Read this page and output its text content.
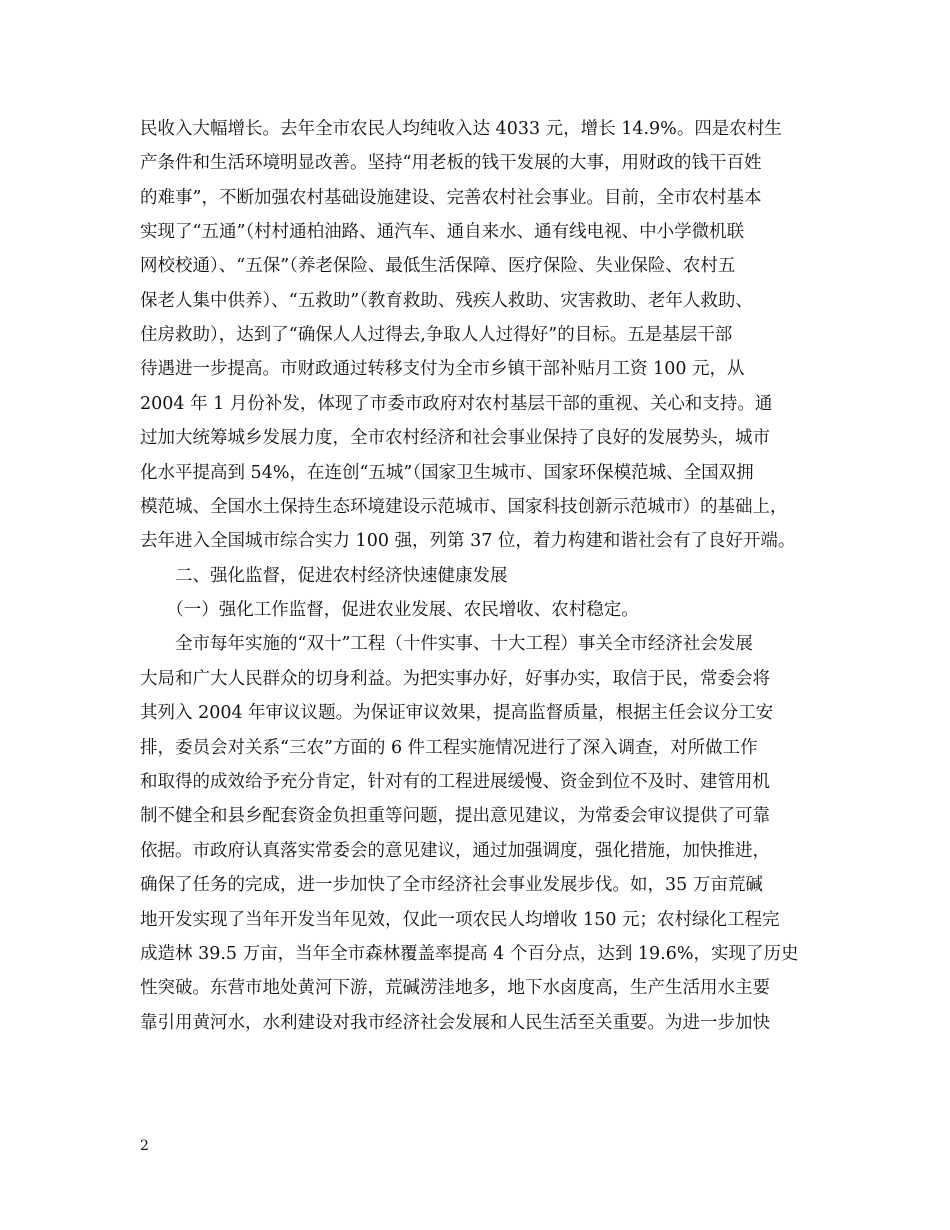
民收入大幅增长。去年全市农民人均纯收入达 4033 元，增长 14.9%。四是农村生
产条件和生活环境明显改善。坚持“用老板的钱干发展的大事，用财政的钱干百姓
的难事”，不断加强农村基础设施建设、完善农村社会事业。目前，全市农村基本
实现了“五通”（村村通柏油路、通汽车、通自来水、通有线电视、中小学微机联
网校校通）、“五保”（养老保险、最低生活保障、医疗保险、失业保险、农村五
保老人集中供养）、“五救助”（教育救助、残疾人救助、灾害救助、老年人救助、
住房救助），达到了“确保人人过得去,争取人人过得好”的目标。五是基层干部
待遇进一步提高。市财政通过转移支付为全市乡镇干部补贴月工资 100 元，从
2004 年 1 月份补发，体现了市委市政府对农村基层干部的重视、关心和支持。通
过加大统筹城乡发展力度，全市农村经济和社会事业保持了良好的发展势头，城市
化水平提高到 54%，在连创“五城”（国家卫生城市、国家环保模范城、全国双拥
模范城、全国水土保持生态环境建设示范城市、国家科技创新示范城市）的基础上，
去年进入全国城市综合实力 100 强，列第 37 位，着力构建和谐社会有了良好开端。
　　二、强化监督，促进农村经济快速健康发展
　　（一）强化工作监督，促进农业发展、农民增收、农村稳定。
　　全市每年实施的“双十”工程（十件实事、十大工程）事关全市经济社会发展
大局和广大人民群众的切身利益。为把实事办好，好事办实，取信于民，常委会将
其列入 2004 年审议议题。为保证审议效果，提高监督质量，根据主任会议分工安
排，委员会对关系“三农”方面的 6 件工程实施情况进行了深入调查，对所做工作
和取得的成效给予充分肯定，针对有的工程进展缓慢、资金到位不及时、建管用机
制不健全和县乡配套资金负担重等问题，提出意见建议，为常委会审议提供了可靠
依据。市政府认真落实常委会的意见建议，通过加强调度，强化措施，加快推进，
确保了任务的完成，进一步加快了全市经济社会事业发展步伐。如，35 万亩荒碱
地开发实现了当年开发当年见效，仅此一项农民人均增收 150 元；农村绿化工程完
成造林 39.5 万亩，当年全市森林覆盖率提高 4 个百分点，达到 19.6%，实现了历史
性突破。东营市地处黄河下游，荒碱涝洼地多，地下水卤度高，生产生活用水主要
靠引用黄河水，水利建设对我市经济社会发展和人民生活至关重要。为进一步加快
2
